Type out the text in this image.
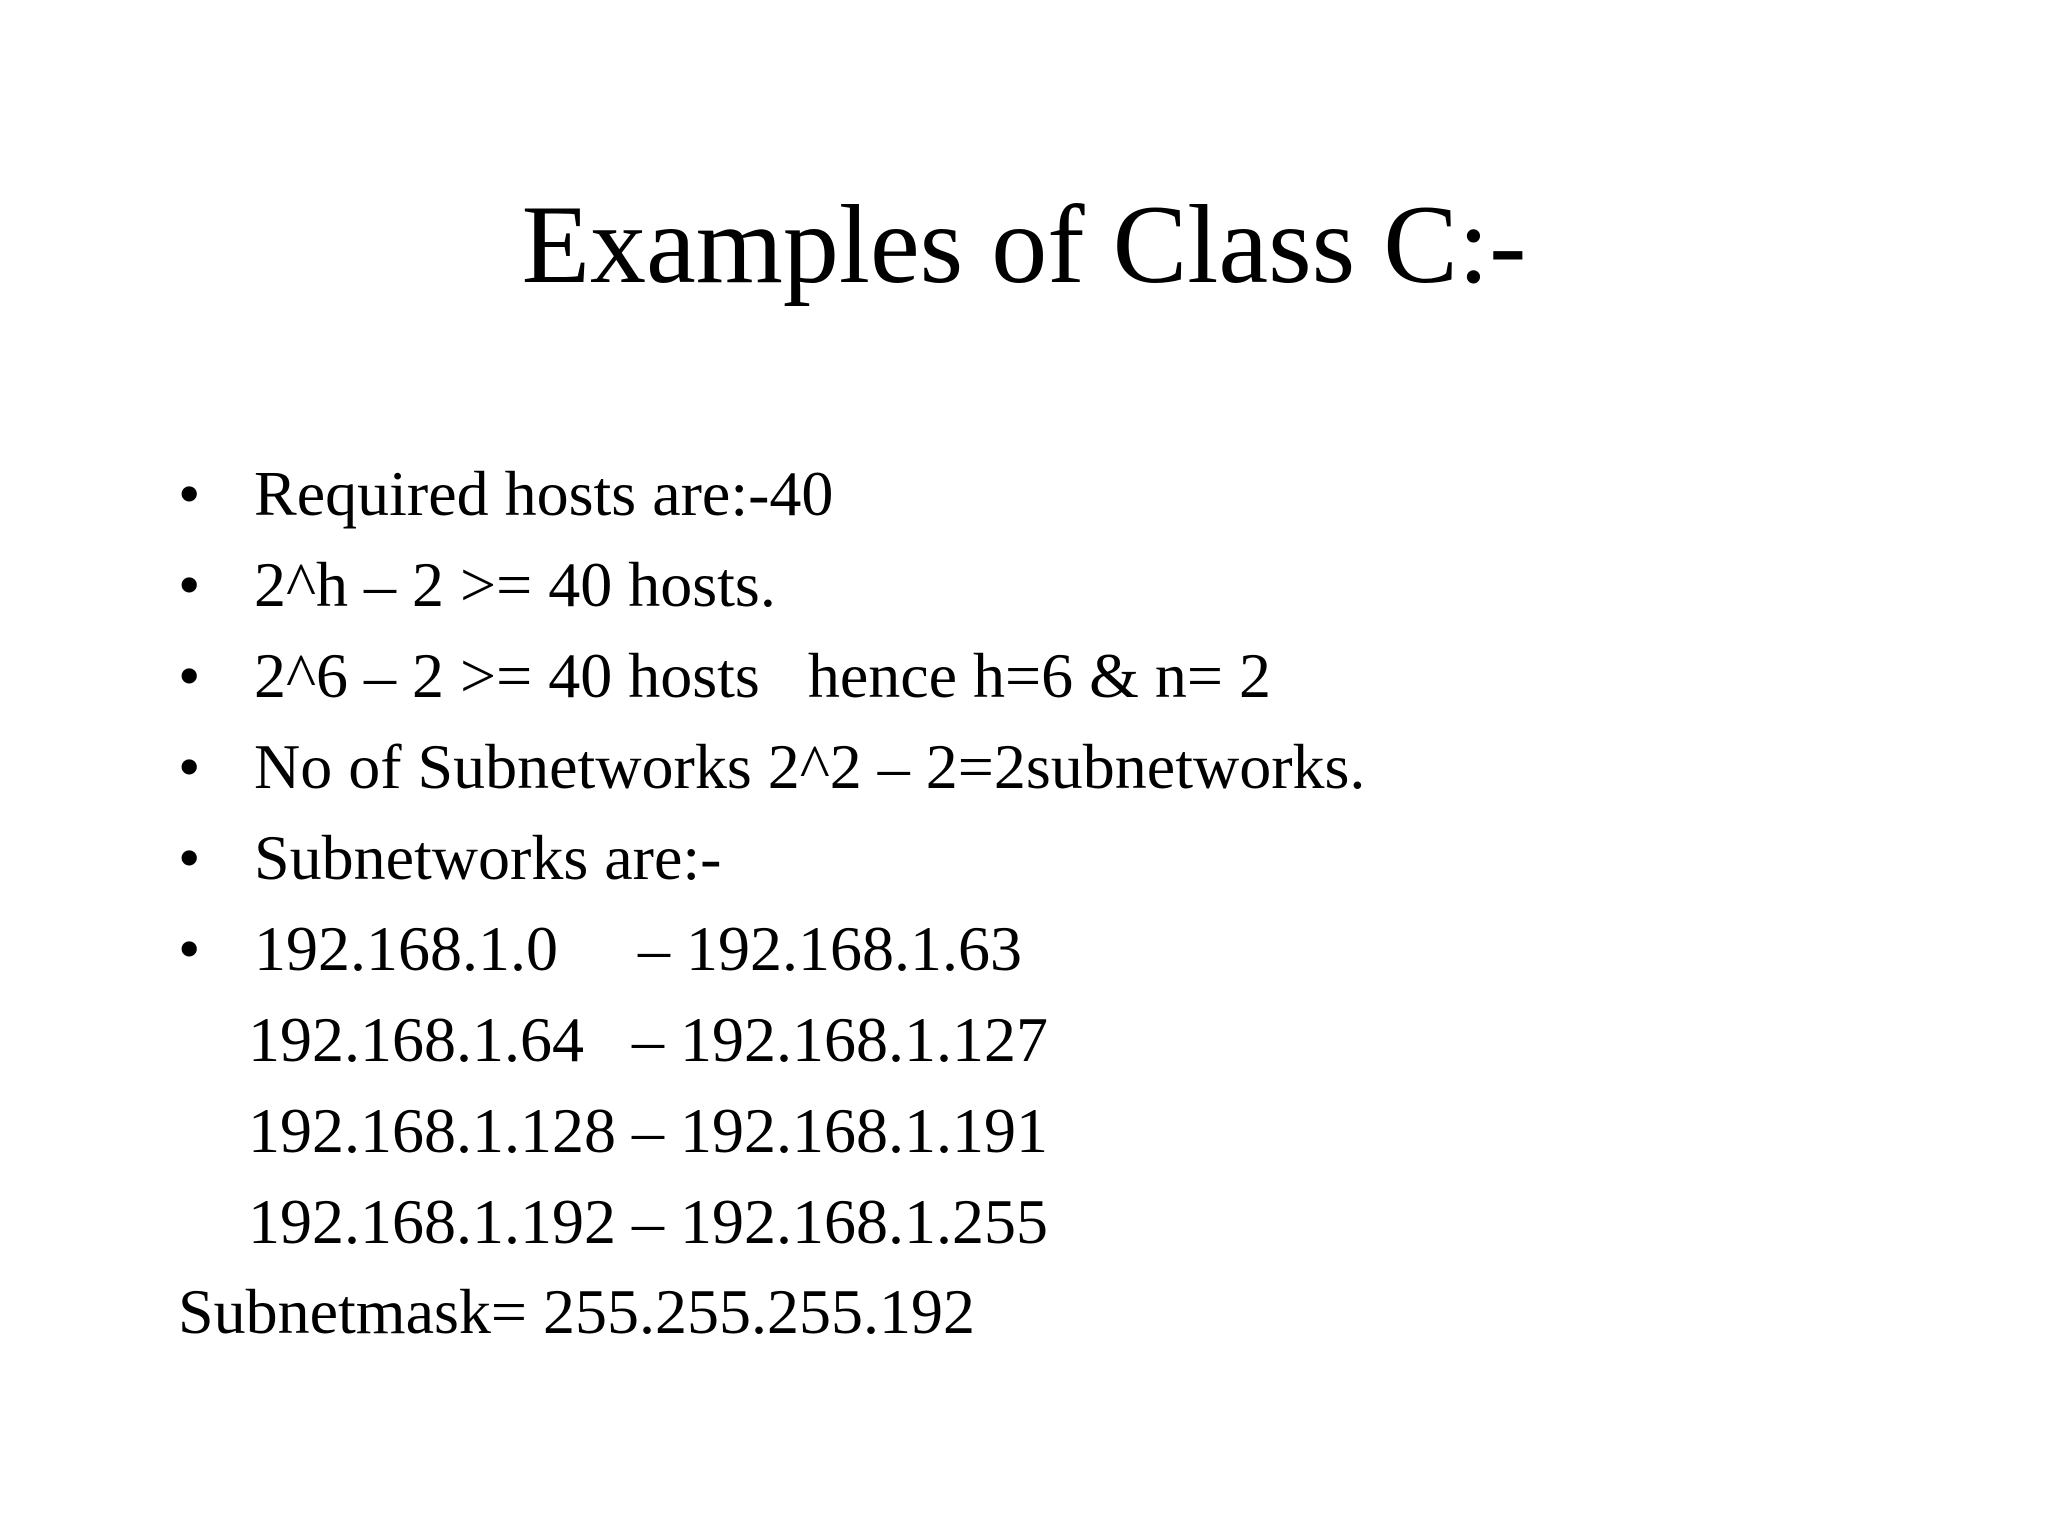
Examples of Class C:-

•

Required hosts are:-40

•

2^h – 2 >= 40 hosts.

•

2^6 – 2 >= 40 hosts   hence h=6 & n= 2

•

No of Subnetworks 2^2 – 2=2subnetworks.

•

Subnetworks are:-

•

192.168.1.0     – 192.168.1.63

192.168.1.64   – 192.168.1.127

192.168.1.128 – 192.168.1.191

192.168.1.192 – 192.168.1.255

Subnetmask= 255.255.255.192
